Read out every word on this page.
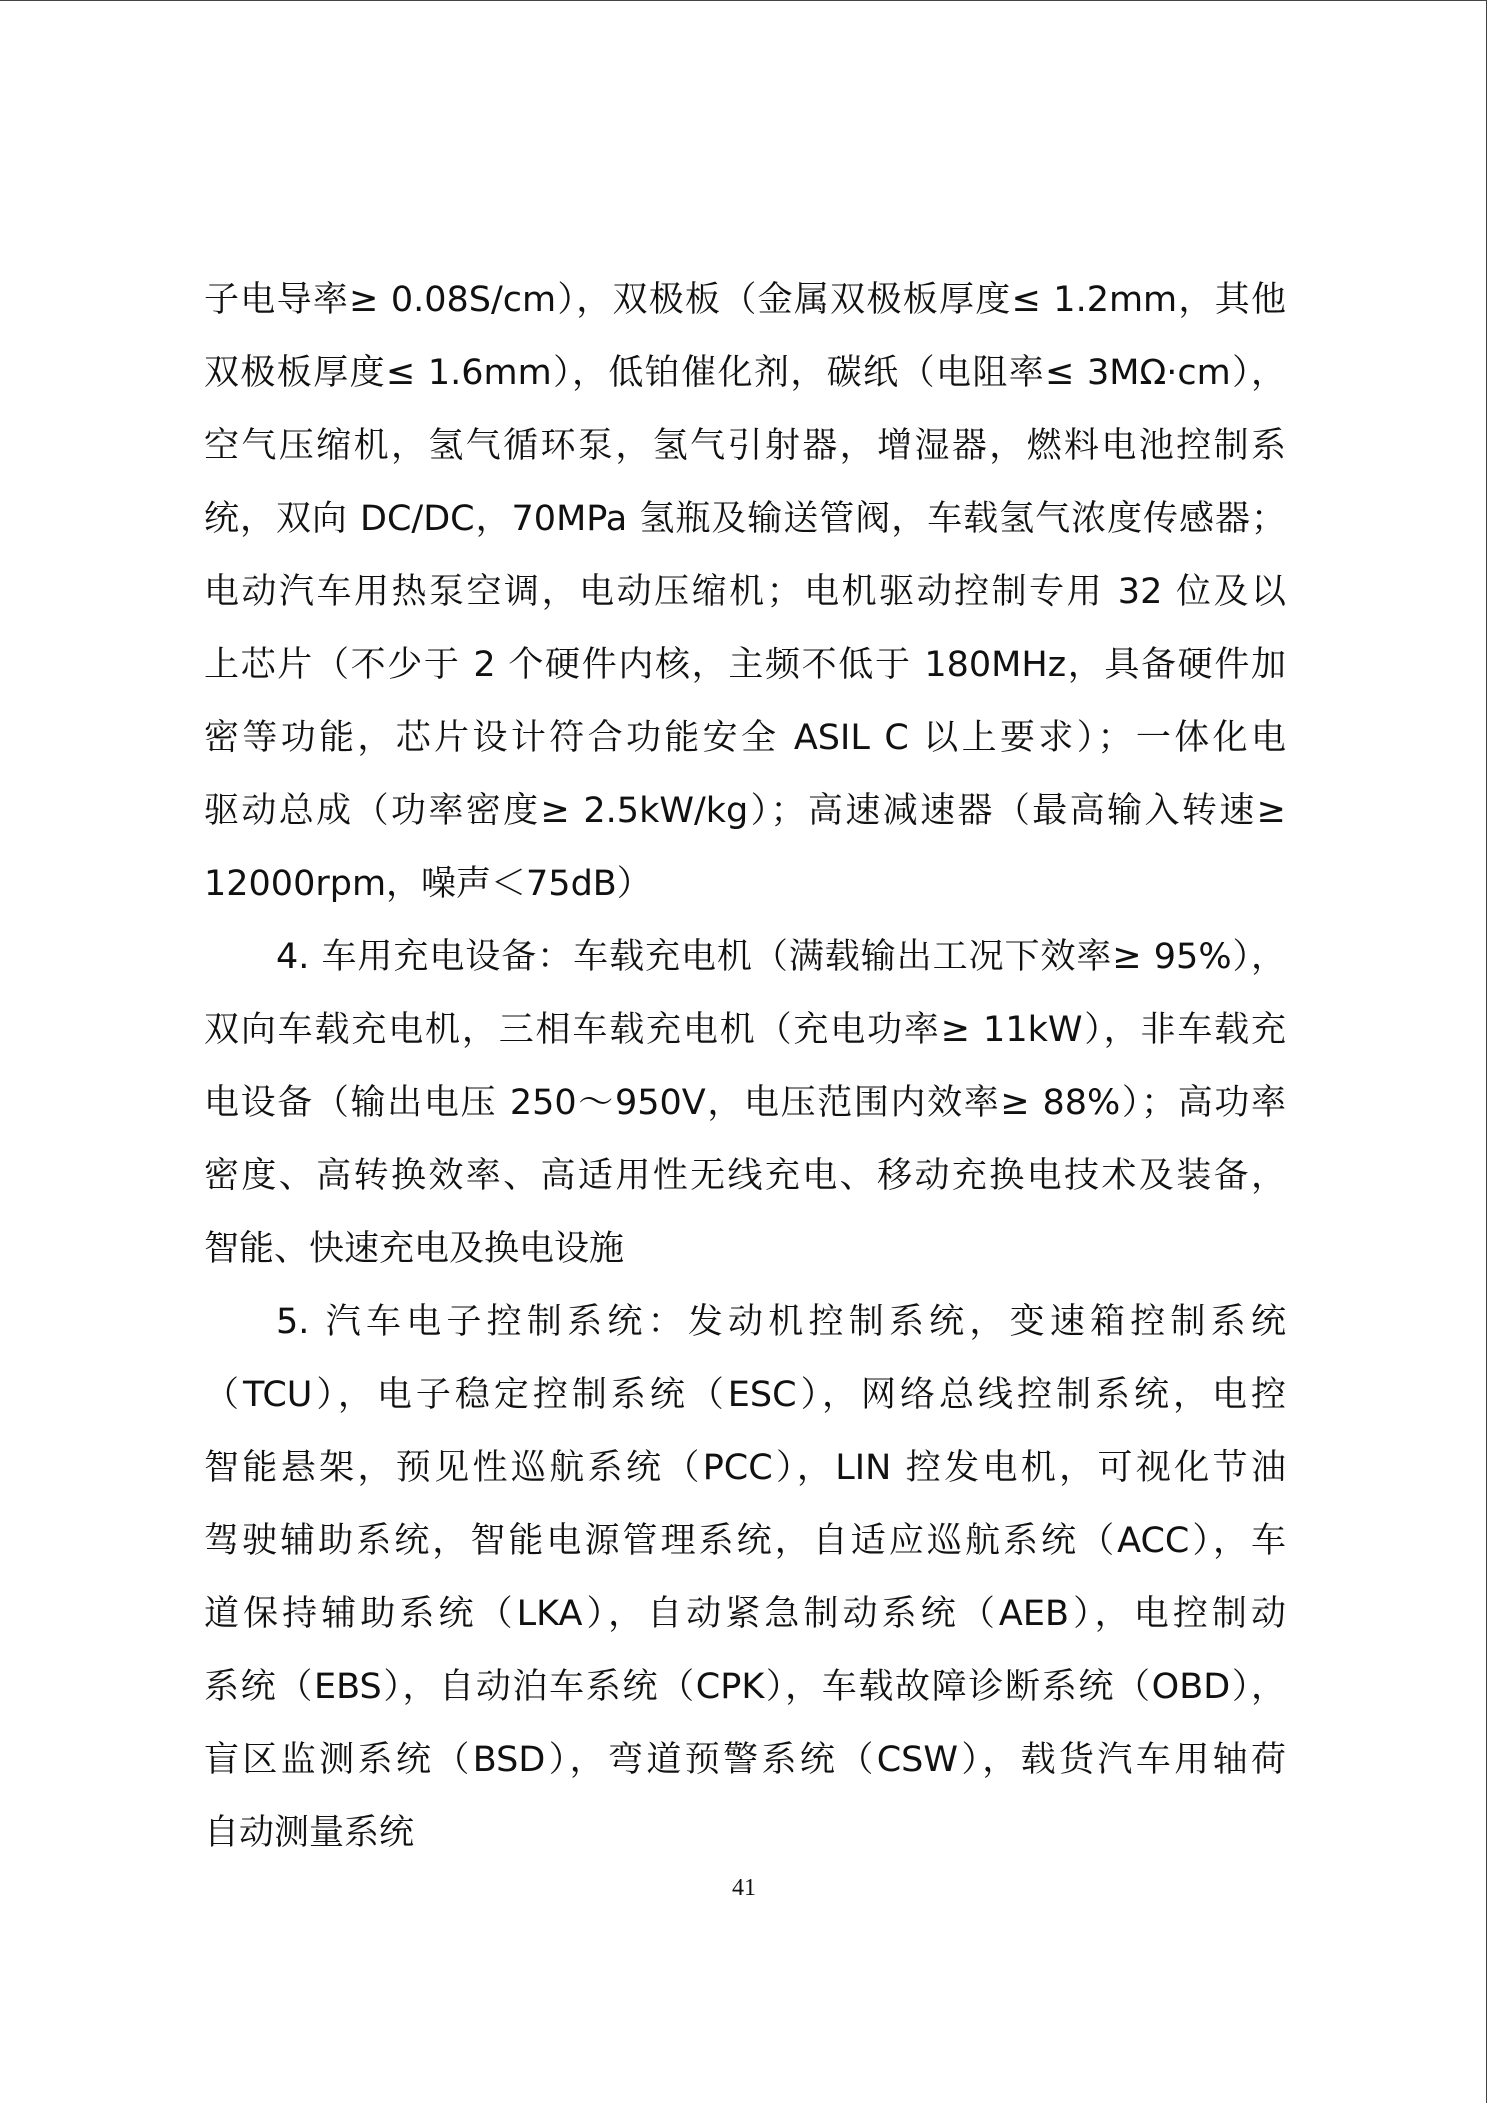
子电导率≥ 0.08S/cm），双极板（金属双极板厚度≤ 1.2mm，其他
双极板厚度≤ 1.6mm），低铂催化剂，碳纸（电阻率≤ 3MΩ·cm），
空气压缩机，氢气循环泵，氢气引射器，增湿器，燃料电池控制系
统，双向 DC/DC，70MPa 氢瓶及输送管阀，车载氢气浓度传感器；
电动汽车用热泵空调，电动压缩机；电机驱动控制专用 32 位及以
上芯片（不少于 2 个硬件内核，主频不低于 180MHz，具备硬件加
密等功能，芯片设计符合功能安全 ASIL C 以上要求）；一体化电
驱动总成（功率密度≥ 2.5kW/kg）；高速减速器（最高输入转速≥
12000rpm，噪声＜75dB）
4. 车用充电设备：车载充电机（满载输出工况下效率≥ 95%），
双向车载充电机，三相车载充电机（充电功率≥ 11kW），非车载充
电设备（输出电压 250～950V，电压范围内效率≥ 88%）；高功率
密度、高转换效率、高适用性无线充电、移动充换电技术及装备，
智能、快速充电及换电设施
5. 汽车电子控制系统：发动机控制系统，变速箱控制系统
（TCU），电子稳定控制系统（ESC），网络总线控制系统，电控
智能悬架，预见性巡航系统（PCC），LIN 控发电机，可视化节油
驾驶辅助系统，智能电源管理系统，自适应巡航系统（ACC），车
道保持辅助系统（LKA），自动紧急制动系统（AEB），电控制动
系统（EBS），自动泊车系统（CPK），车载故障诊断系统（OBD），
盲区监测系统（BSD），弯道预警系统（CSW），载货汽车用轴荷
自动测量系统
41
